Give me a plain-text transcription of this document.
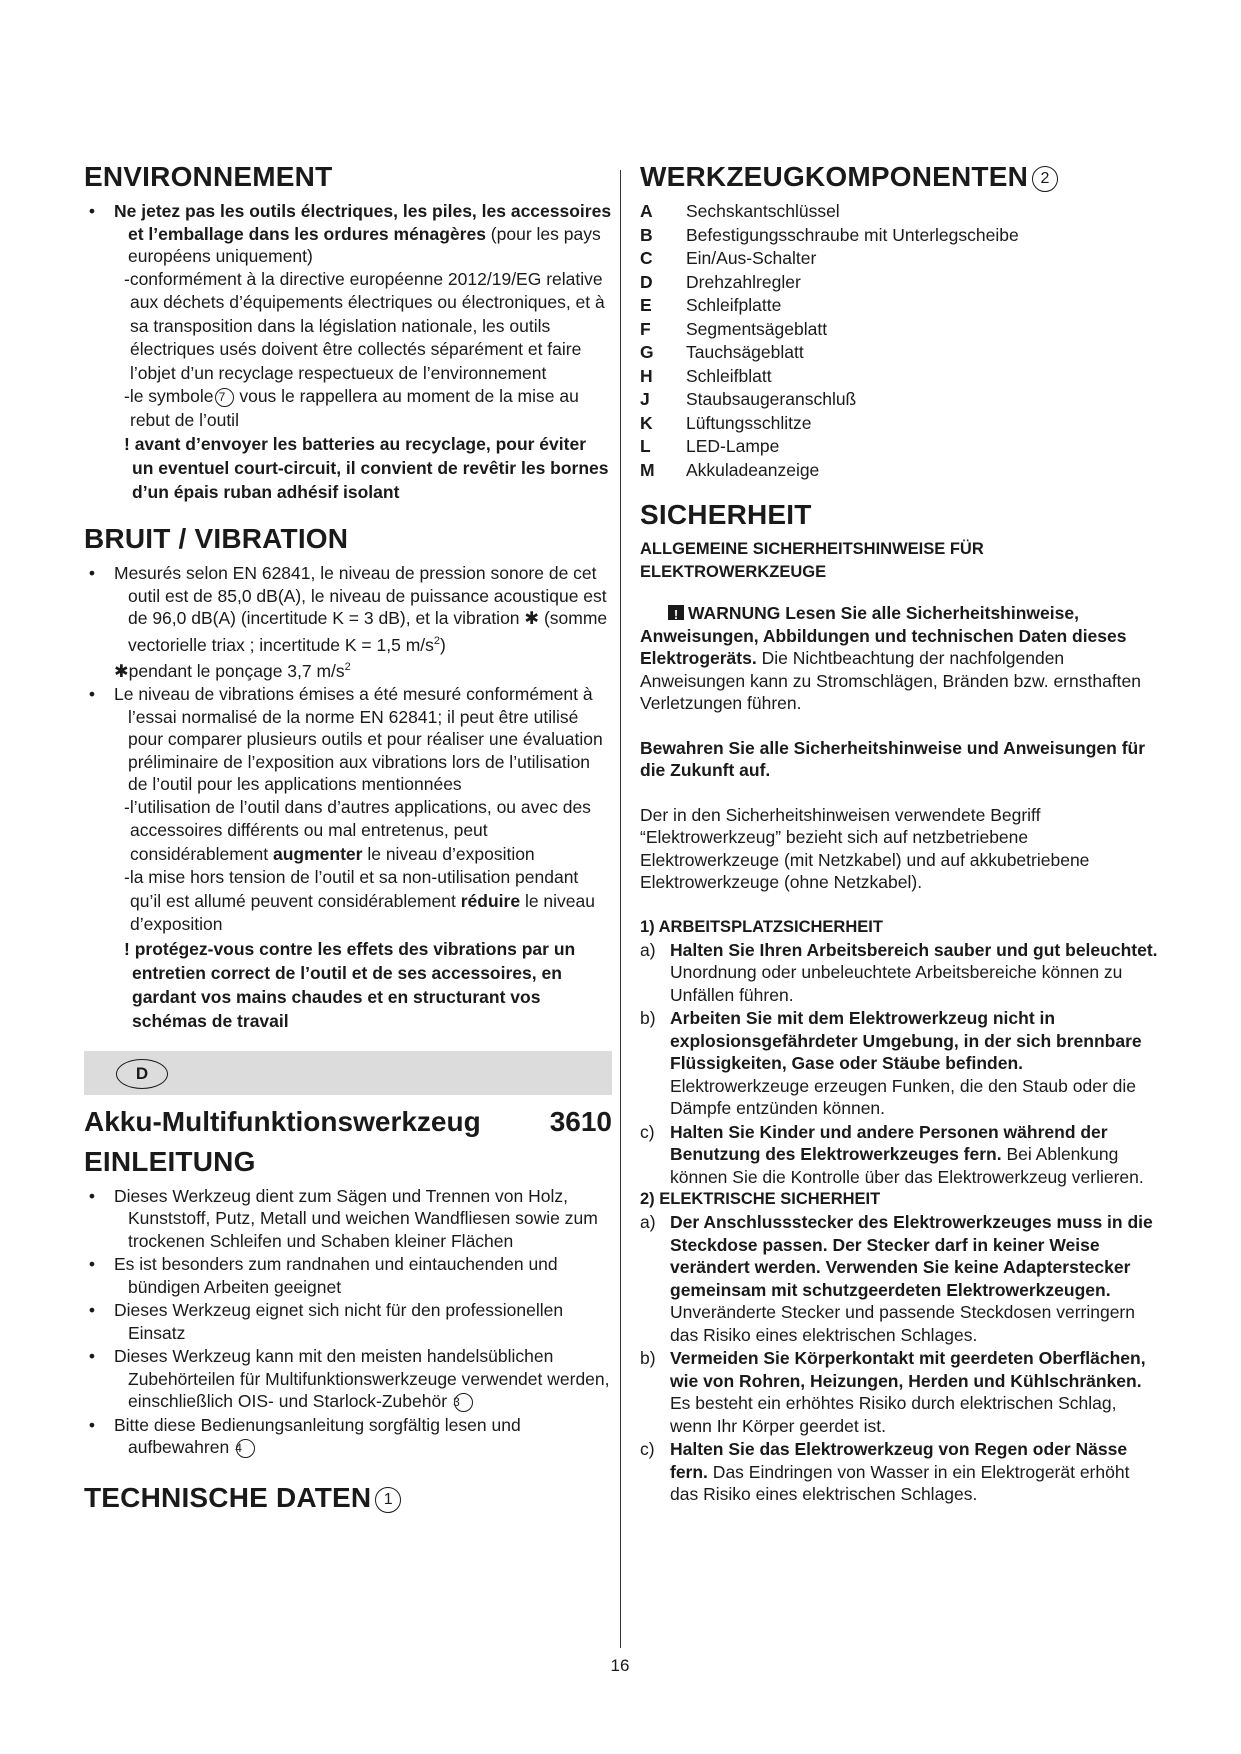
ENVIRONNEMENT
• Ne jetez pas les outils électriques, les piles, les accessoires et l’emballage dans les ordures ménagères (pour les pays européens uniquement)
-conformément à la directive européenne 2012/19/EG relative aux déchets d’équipements électriques ou électroniques, et à sa transposition dans la législation nationale, les outils électriques usés doivent être collectés séparément et faire l’objet d’un recyclage respectueux de l’environnement
-le symbole 7 vous le rappellera au moment de la mise au rebut de l’outil
! avant d’envoyer les batteries au recyclage, pour éviter un eventuel court-circuit, il convient de revêtir les bornes d’un épais ruban adhésif isolant
BRUIT / VIBRATION
• Mesurés selon EN 62841, le niveau de pression sonore de cet outil est de 85,0 dB(A), le niveau de puissance acoustique est de 96,0 dB(A) (incertitude K = 3 dB), et la vibration ✱ (somme vectorielle triax ; incertitude K = 1,5 $m/s^2$)
✱pendant le ponçage 3,7 $m/s^2$
• Le niveau de vibrations émises a été mesuré conformément à l’essai normalisé de la norme EN 62841; il peut être utilisé pour comparer plusieurs outils et pour réaliser une évaluation préliminaire de l’exposition aux vibrations lors de l’utilisation de l’outil pour les applications mentionnées
-l’utilisation de l’outil dans d’autres applications, ou avec des accessoires différents ou mal entretenus, peut considérablement augmenter le niveau d’exposition
-la mise hors tension de l’outil et sa non-utilisation pendant qu’il est allumé peuvent considérablement réduire le niveau d’exposition
! protégez-vous contre les effets des vibrations par un entretien correct de l’outil et de ses accessoires, en gardant vos mains chaudes et en structurant vos schémas de travail
D
Akku-Multifunktionswerkzeug 3610
EINLEITUNG
• Dieses Werkzeug dient zum Sägen und Trennen von Holz, Kunststoff, Putz, Metall und weichen Wandfliesen sowie zum trockenen Schleifen und Schaben kleiner Flächen
• Es ist besonders zum randnahen und eintauchenden und bündigen Arbeiten geeignet
• Dieses Werkzeug eignet sich nicht für den professionellen Einsatz
• Dieses Werkzeug kann mit den meisten handelsüblichen Zubehörteilen für Multifunktionswerkzeuge verwendet werden, einschließlich OIS- und Starlock-Zubehör 3
• Bitte diese Bedienungsanleitung sorgfältig lesen und aufbewahren 4
TECHNISCHE DATEN 1
WERKZEUGKOMPONENTEN 2
A	Sechskantschlüssel
B	Befestigungsschraube mit Unterlegscheibe
C	Ein/Aus-Schalter
D	Drehzahlregler
E	Schleifplatte
F	Segmentsägeblatt
G	Tauchsägeblatt
H	Schleifblatt
J	Staubsaugeranschluß
K	Lüftungsschlitze
L	LED-Lampe
M	Akkuladeanzeige
SICHERHEIT
ALLGEMEINE SICHERHEITSHINWEISE FÜR ELEKTROWERKZEUGE
!WARNUNG Lesen Sie alle Sicherheitshinweise, Anweisungen, Abbildungen und technischen Daten dieses Elektrogeräts. Die Nichtbeachtung der nachfolgenden Anweisungen kann zu Stromschlägen, Bränden bzw. ernsthaften Verletzungen führen.
Bewahren Sie alle Sicherheitshinweise und Anweisungen für die Zukunft auf.
Der in den Sicherheitshinweisen verwendete Begriff “Elektrowerkzeug” bezieht sich auf netzbetriebene Elektrowerkzeuge (mit Netzkabel) und auf akkubetriebene Elektrowerkzeuge (ohne Netzkabel).
1) ARBEITSPLATZSICHERHEIT
a) Halten Sie Ihren Arbeitsbereich sauber und gut beleuchtet. Unordnung oder unbeleuchtete Arbeitsbereiche können zu Unfällen führen.
b) Arbeiten Sie mit dem Elektrowerkzeug nicht in explosionsgefährdeter Umgebung, in der sich brennbare Flüssigkeiten, Gase oder Stäube befinden. Elektrowerkzeuge erzeugen Funken, die den Staub oder die Dämpfe entzünden können.
c) Halten Sie Kinder und andere Personen während der Benutzung des Elektrowerkzeuges fern. Bei Ablenkung können Sie die Kontrolle über das Elektrowerkzeug verlieren.
2) ELEKTRISCHE SICHERHEIT
a) Der Anschlussstecker des Elektrowerkzeuges muss in die Steckdose passen. Der Stecker darf in keiner Weise verändert werden. Verwenden Sie keine Adapterstecker gemeinsam mit schutzgeerdeten Elektrowerkzeugen. Unveränderte Stecker und passende Steckdosen verringern das Risiko eines elektrischen Schlages.
b) Vermeiden Sie Körperkontakt mit geerdeten Oberflächen, wie von Rohren, Heizungen, Herden und Kühlschränken. Es besteht ein erhöhtes Risiko durch elektrischen Schlag, wenn Ihr Körper geerdet ist.
c) Halten Sie das Elektrowerkzeug von Regen oder Nässe fern. Das Eindringen von Wasser in ein Elektrogerät erhöht das Risiko eines elektrischen Schlages.
16
